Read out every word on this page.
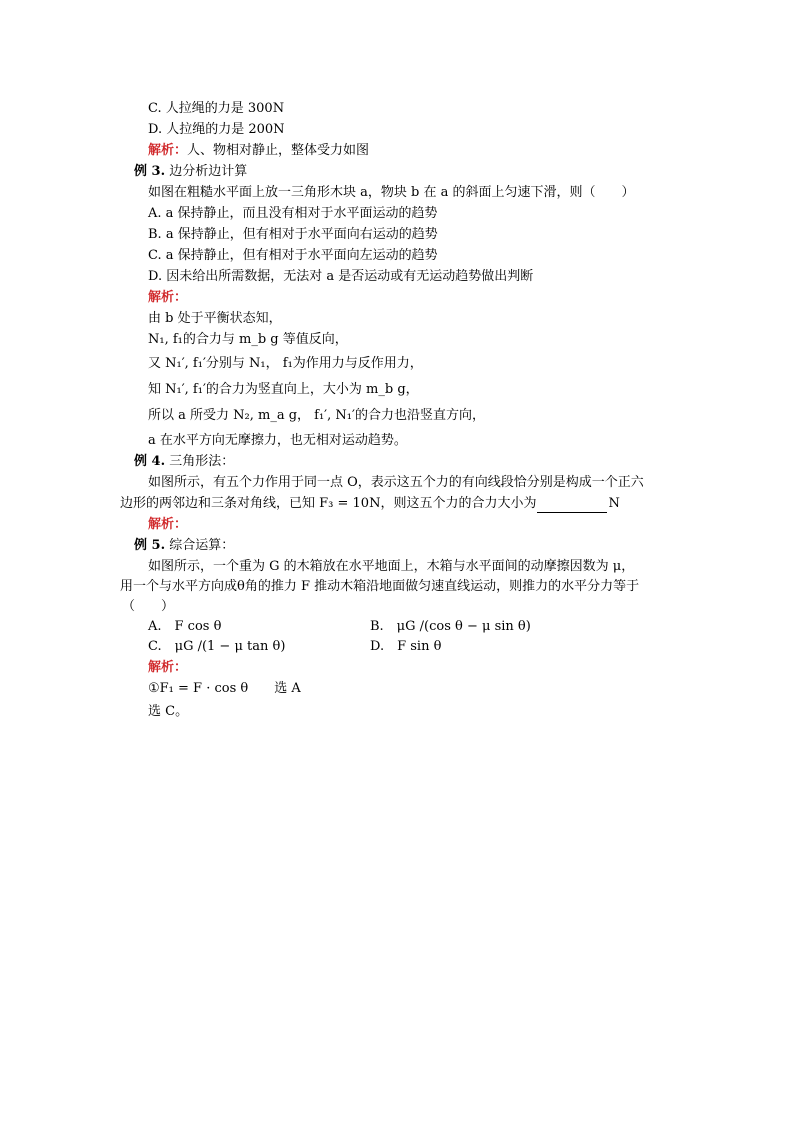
C. 人拉绳的力是 300N
D. 人拉绳的力是 200N
解析：人、物相对静止，整体受力如图
例 3. 边分析边计算
如图在粗糙水平面上放一三角形木块 a，物块 b 在 a 的斜面上匀速下滑，则（　　）
A. a 保持静止，而且没有相对于水平面运动的趋势
B. a 保持静止，但有相对于水平面向右运动的趋势
C. a 保持静止，但有相对于水平面向左运动的趋势
D. 因未给出所需数据，无法对 a 是否运动或有无运动趋势做出判断
解析：
由 b 处于平衡状态知，
N₁, f₁的合力与 m_b g 等值反向，
又 N₁′, f₁′分别与 N₁， f₁为作用力与反作用力，
知 N₁′, f₁′的合力为竖直向上，大小为 m_b g，
所以 a 所受力 N₂, m_a g， f₁′, N₁′的合力也沿竖直方向，
a 在水平方向无摩擦力，也无相对运动趋势。
例 4. 三角形法：
如图所示，有五个力作用于同一点 O，表示这五个力的有向线段恰分别是构成一个正六
边形的两邻边和三条对角线，已知 F₃ = 10N，则这五个力的合力大小为	N
解析：
例 5. 综合运算：
如图所示，一个重为 G 的木箱放在水平地面上，木箱与水平面间的动摩擦因数为 μ，
用一个与水平方向成θ角的推力 F 推动木箱沿地面做匀速直线运动，则推力的水平分力等于
（　　）
A.　F cos θ	B.　μG /(cos θ − μ sin θ)
C.　μG /(1 − μ tan θ)	D.　F sin θ
解析：
①F₁ = F · cos θ　　选 A
选 C。
